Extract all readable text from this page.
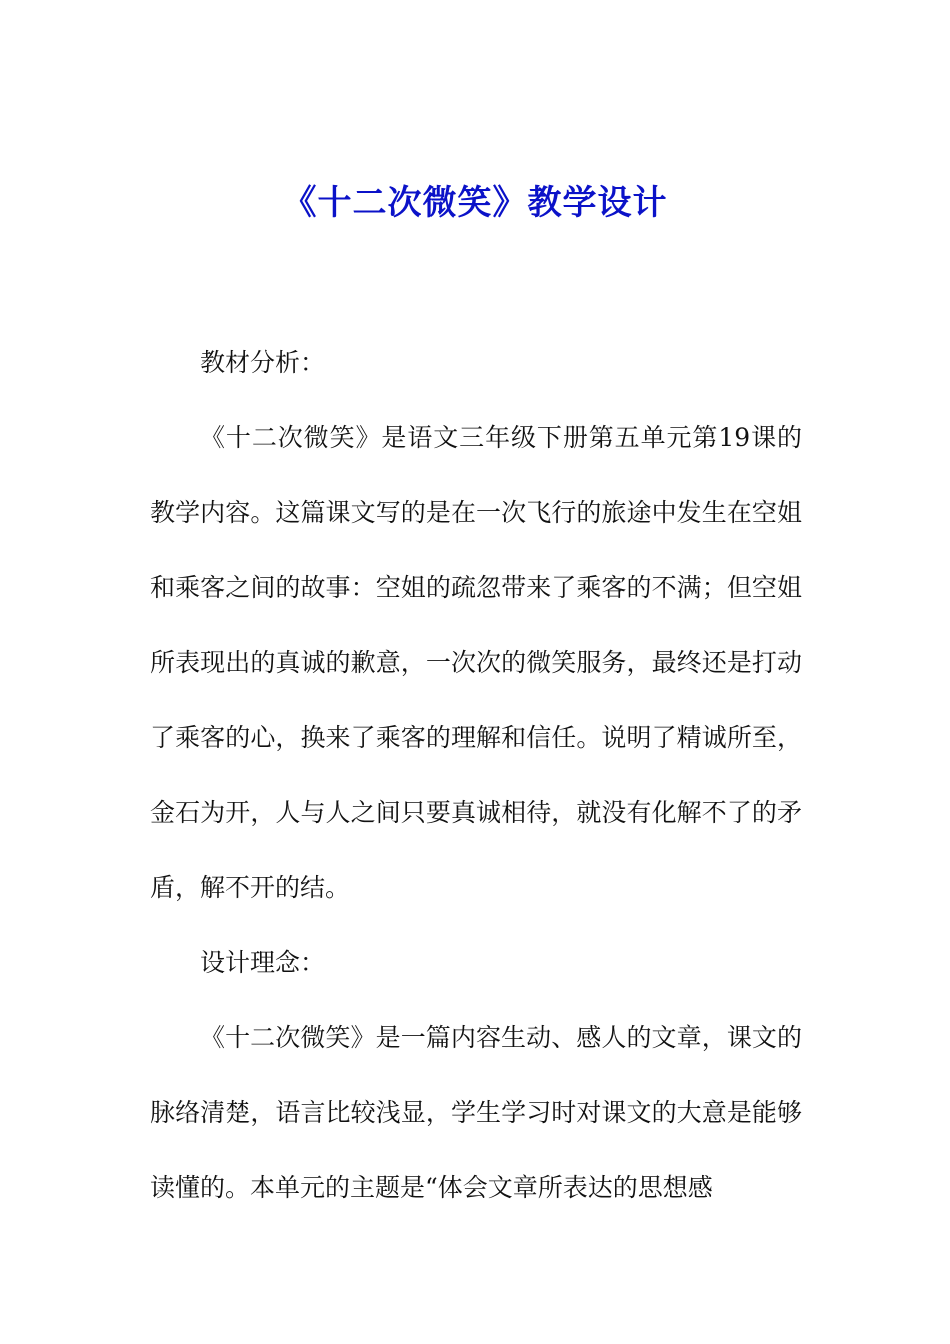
《十二次微笑》教学设计

教材分析：

《十二次微笑》是语文三年级下册第五单元第19课的教学内容。这篇课文写的是在一次飞行的旅途中发生在空姐和乘客之间的故事：空姐的疏忽带来了乘客的不满；但空姐所表现出的真诚的歉意，一次次的微笑服务，最终还是打动了乘客的心，换来了乘客的理解和信任。说明了精诚所至，金石为开，人与人之间只要真诚相待，就没有化解不了的矛盾，解不开的结。

设计理念：

《十二次微笑》是一篇内容生动、感人的文章，课文的脉络清楚，语言比较浅显，学生学习时对课文的大意是能够读懂的。本单元的主题是“体会文章所表达的思想感
